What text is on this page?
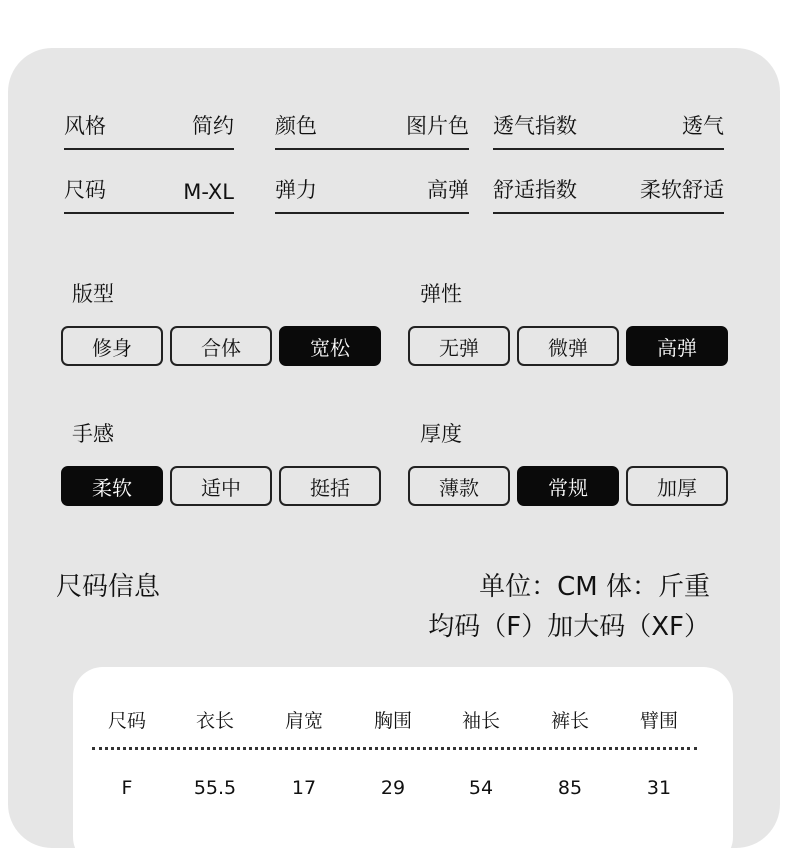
风格	简约 颜色	图片色 透气指数	透气
尺码	M-XL 弹力	高弹 舒适指数	柔软舒适
版型	弹性
手感	厚度
修身	合体	宽松	无弹	微弹	高弹
柔软	适中	挺括	薄款	常规	加厚
尺码信息	单位：CM 体：斤重
均码（F）加大码（XF）
尺码	衣长	肩宽	胸围	袖长	裤长	臂围
F	55.5	17	29	54	85	31
